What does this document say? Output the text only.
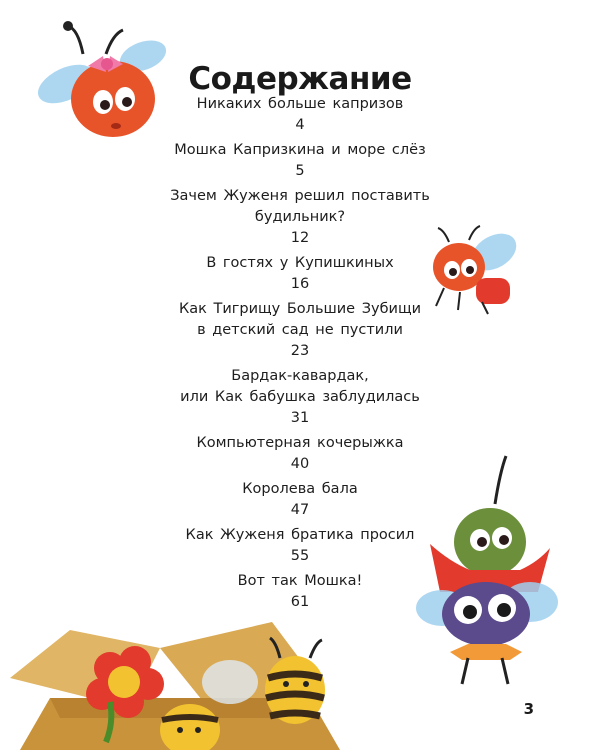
Содержание
Никаких больше капризов
4
Мошка Капризкина и море слёз
5
Зачем Жуженя решил поставить
будильник?
12
В гостях у Купишкиных
16
Как Тигрищу Большие Зубищи
в детский сад не пустили
23
Бардак-кавардак,
или Как бабушка заблудилась
31
Компьютерная кочерыжка
40
Королева бала
47
Как Жуженя братика просил
55
Вот так Мошка!
61
3
